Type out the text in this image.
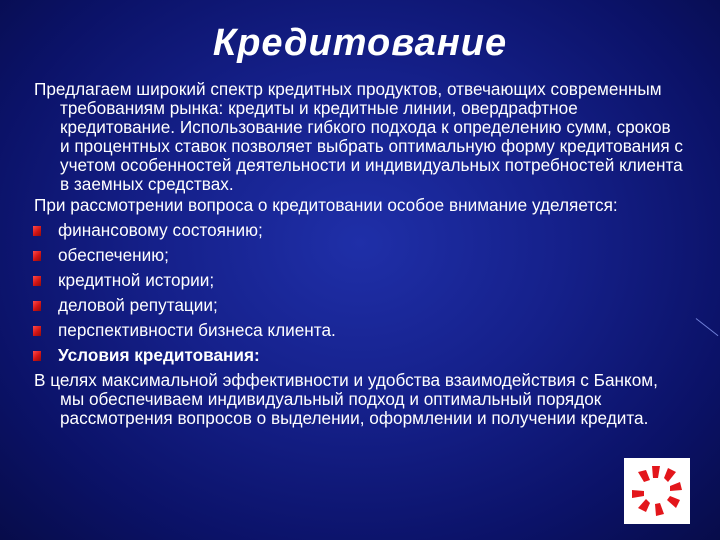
Кредитование

Предлагаем широкий спектр кредитных продуктов, отвечающих современным требованиям рынка: кредиты и кредитные линии, овердрафтное кредитование. Использование гибкого подхода к определению сумм, сроков и процентных ставок позволяет выбрать оптимальную форму кредитования с учетом особенностей деятельности и индивидуальных потребностей клиента в заемных средствах.

При рассмотрении вопроса о кредитовании особое внимание уделяется:

финансовому состоянию;
обеспечению;
кредитной истории;
деловой репутации;
перспективности бизнеса клиента.
Условия кредитования:

В целях максимальной эффективности и удобства взаимодействия с Банком, мы обеспечиваем индивидуальный подход и оптимальный порядок рассмотрения вопросов о выделении, оформлении и получении кредита.
